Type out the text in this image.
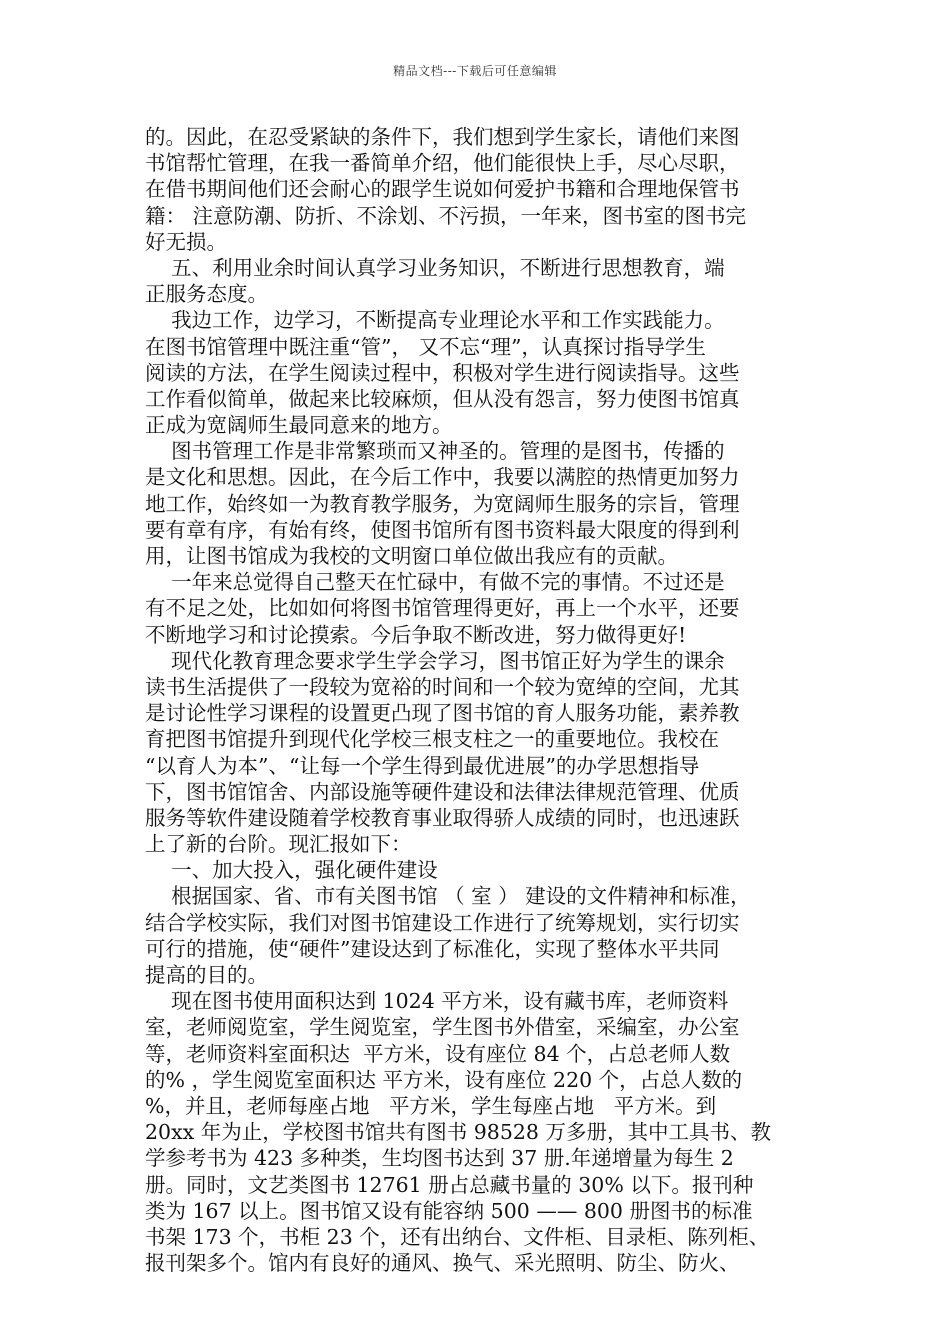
精品文档---下载后可任意编辑
的。因此，在忍受紧缺的条件下，我们想到学生家长，请他们来图
书馆帮忙管理，在我一番简单介绍，他们能很快上手，尽心尽职，
在借书期间他们还会耐心的跟学生说如何爱护书籍和合理地保管书
籍： 注意防潮、防折、不涂划、不污损，一年来，图书室的图书完
好无损。
五、利用业余时间认真学习业务知识，不断进行思想教育，端
正服务态度。
我边工作，边学习，不断提高专业理论水平和工作实践能力。
在图书馆管理中既注重“管”， 又不忘“理”，认真探讨指导学生
阅读的方法，在学生阅读过程中，积极对学生进行阅读指导。这些
工作看似简单，做起来比较麻烦，但从没有怨言，努力使图书馆真
正成为宽阔师生最同意来的地方。
图书管理工作是非常繁琐而又神圣的。管理的是图书，传播的
是文化和思想。因此，在今后工作中，我要以满腔的热情更加努力
地工作，始终如一为教育教学服务，为宽阔师生服务的宗旨，管理
要有章有序，有始有终，使图书馆所有图书资料最大限度的得到利
用，让图书馆成为我校的文明窗口单位做出我应有的贡献。
一年来总觉得自己整天在忙碌中，有做不完的事情。不过还是
有不足之处，比如如何将图书馆管理得更好，再上一个水平，还要
不断地学习和讨论摸索。今后争取不断改进，努力做得更好!
现代化教育理念要求学生学会学习，图书馆正好为学生的课余
读书生活提供了一段较为宽裕的时间和一个较为宽绰的空间，尤其
是讨论性学习课程的设置更凸现了图书馆的育人服务功能，素养教
育把图书馆提升到现代化学校三根支柱之一的重要地位。我校在
“以育人为本”、“让每一个学生得到最优进展”的办学思想指导
下，图书馆馆舍、内部设施等硬件建设和法律法律规范管理、优质
服务等软件建设随着学校教育事业取得骄人成绩的同时，也迅速跃
上了新的台阶。现汇报如下：
一、加大投入，强化硬件建设
根据国家、省、市有关图书馆 （ 室 ） 建设的文件精神和标准，
结合学校实际，我们对图书馆建设工作进行了统筹规划，实行切实
可行的措施，使“硬件”建设达到了标准化，实现了整体水平共同
提高的目的。
现在图书使用面积达到 1024 平方米，设有藏书库，老师资料
室，老师阅览室，学生阅览室，学生图书外借室，采编室，办公室
等，老师资料室面积达  平方米，设有座位 84 个，占总老师人数
的% ，学生阅览室面积达 平方米，设有座位 220 个，占总人数的
%，并且，老师每座占地   平方米，学生每座占地   平方米。到
20xx 年为止，学校图书馆共有图书 98528 万多册，其中工具书、教
学参考书为 423 多种类，生均图书达到 37 册.年递增量为每生 2
册。同时，文艺类图书 12761 册占总藏书量的 30% 以下。报刊种
类为 167 以上。图书馆又设有能容纳 500 —— 800 册图书的标准
书架 173 个，书柜 23 个，还有出纳台、文件柜、目录柜、陈列柜、
报刊架多个。馆内有良好的通风、换气、采光照明、防尘、防火、
